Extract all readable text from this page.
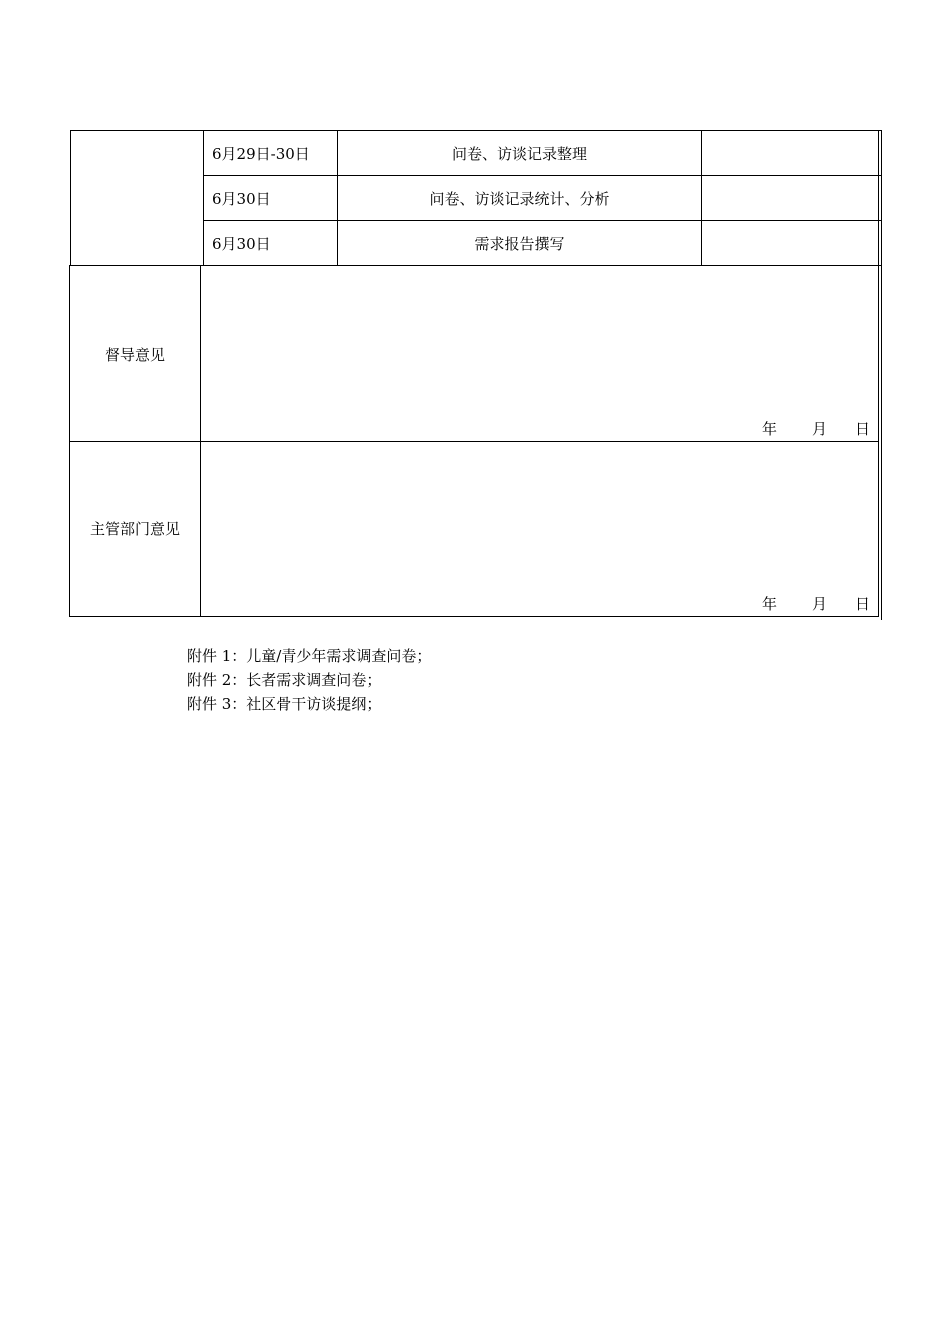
6月29日-30日	问卷、访谈记录整理
6月30日	问卷、访谈记录统计、分析
6月30日	需求报告撰写
督导意见
年 月 日
主管部门意见
年 月 日
附件 1：儿童/青少年需求调查问卷；
附件 2：长者需求调查问卷；
附件 3：社区骨干访谈提纲；
